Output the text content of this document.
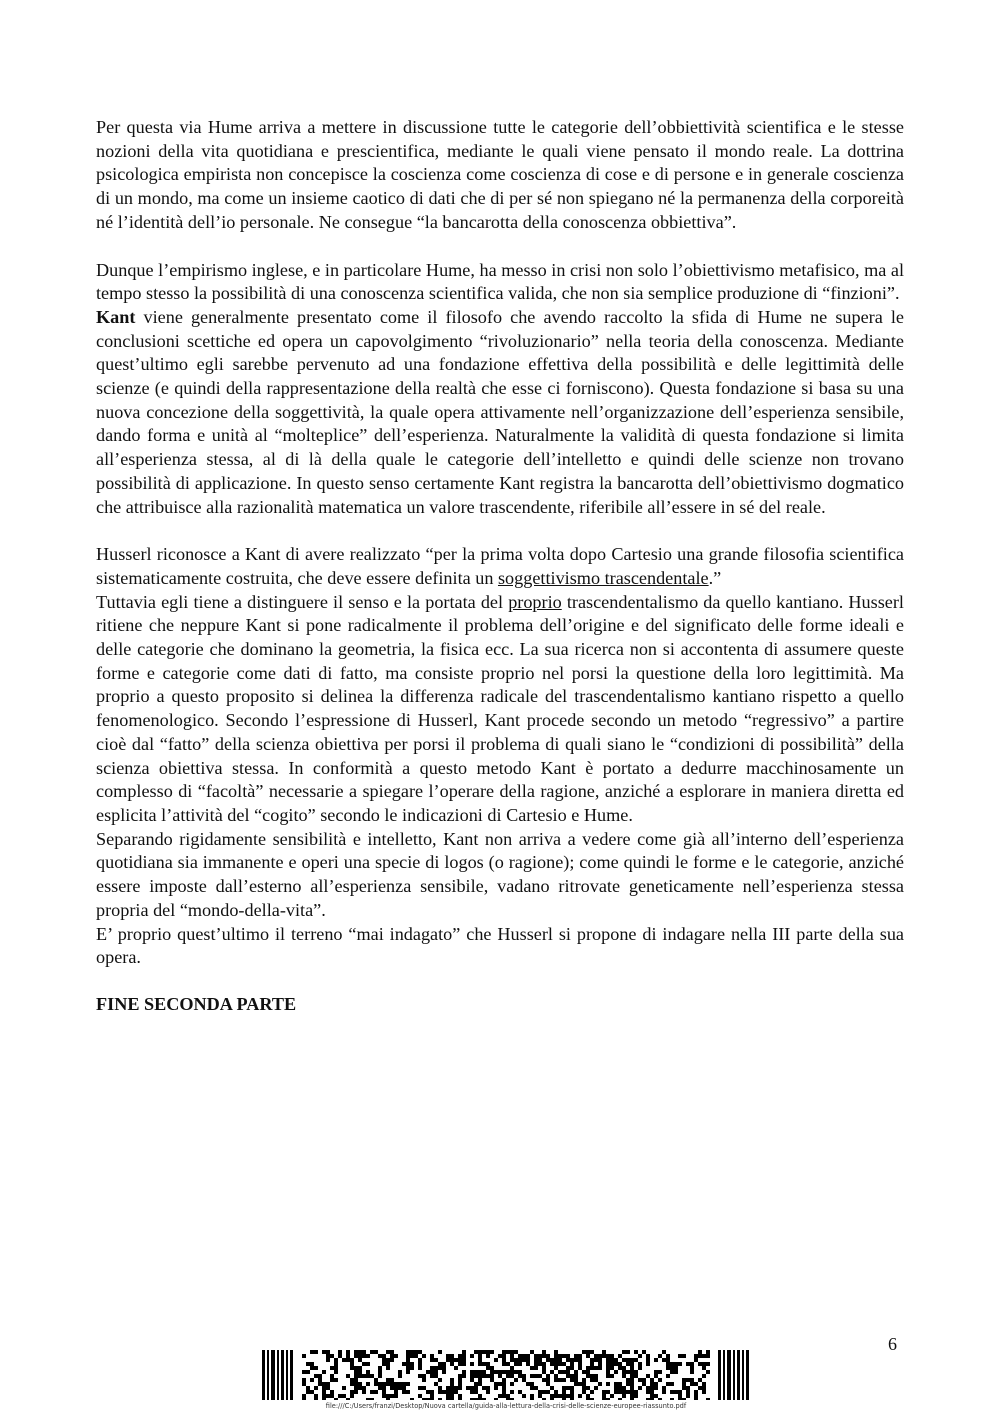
Per questa via Hume arriva a mettere in discussione tutte le categorie dell’obbiettività scientifica e le stesse nozioni della vita quotidiana e prescientifica, mediante le quali viene pensato il mondo reale. La dottrina psicologica empirista non concepisce la coscienza come coscienza di cose e di persone e in generale coscienza di un mondo, ma come un insieme caotico di dati che di per sé non spiegano né la permanenza della corporeità né l’identità dell’io personale. Ne consegue “la bancarotta della conoscenza obbiettiva”.

Dunque l’empirismo inglese, e in particolare Hume, ha messo in crisi non solo l’obiettivismo metafisico, ma al tempo stesso la possibilità di una conoscenza scientifica valida, che non sia semplice produzione di “finzioni”.

Kant viene generalmente presentato come il filosofo che avendo raccolto la sfida di Hume ne supera le conclusioni scettiche ed opera un capovolgimento “rivoluzionario” nella teoria della conoscenza. Mediante quest’ultimo egli sarebbe pervenuto ad una fondazione effettiva della possibilità e delle legittimità delle scienze (e quindi della rappresentazione della realtà che esse ci forniscono). Questa fondazione si basa su una nuova concezione della soggettività, la quale opera attivamente nell’organizzazione dell’esperienza sensibile, dando forma e unità al “molteplice” dell’esperienza. Naturalmente la validità di questa fondazione si limita all’esperienza stessa, al di là della quale le categorie dell’intelletto e quindi delle scienze non trovano possibilità di applicazione. In questo senso certamente Kant registra la bancarotta dell’obiettivismo dogmatico che attribuisce alla razionalità matematica un valore trascendente, riferibile all’essere in sé del reale.

Husserl riconosce a Kant di avere realizzato “per la prima volta dopo Cartesio una grande filosofia scientifica sistematicamente costruita, che deve essere definita un soggettivismo trascendentale.”

Tuttavia egli tiene a distinguere il senso e la portata del proprio trascendentalismo da quello kantiano. Husserl ritiene che neppure Kant si pone radicalmente il problema dell’origine e del significato delle forme ideali e delle categorie che dominano la geometria, la fisica ecc. La sua ricerca non si accontenta di assumere queste forme e categorie come dati di fatto, ma consiste proprio nel porsi la questione della loro legittimità. Ma proprio a questo proposito si delinea la differenza radicale del trascendentalismo kantiano rispetto a quello fenomenologico. Secondo l’espressione di Husserl, Kant procede secondo un metodo “regressivo” a partire cioè dal “fatto” della scienza obiettiva per porsi il problema di quali siano le “condizioni di possibilità” della scienza obiettiva stessa. In conformità a questo metodo Kant è portato a dedurre macchinosamente un complesso di “facoltà” necessarie a spiegare l’operare della ragione, anziché a esplorare in maniera diretta ed esplicita l’attività del “cogito” secondo le indicazioni di Cartesio e Hume.

Separando rigidamente sensibilità e intelletto, Kant non arriva a vedere come già all’interno dell’esperienza quotidiana sia immanente e operi una specie di logos (o ragione); come quindi le forme e le categorie, anziché essere imposte dall’esterno all’esperienza sensibile, vadano ritrovate geneticamente nell’esperienza stessa propria del “mondo-della-vita”.

E’ proprio quest’ultimo il terreno “mai indagato” che Husserl si propone di indagare nella III parte della sua opera.

FINE SECONDA PARTE
6
file:///C:/Users/franzi/Desktop/Nuova cartella/guida-alla-lettura-della-crisi-delle-scienze-europee-riassunto.pdf
